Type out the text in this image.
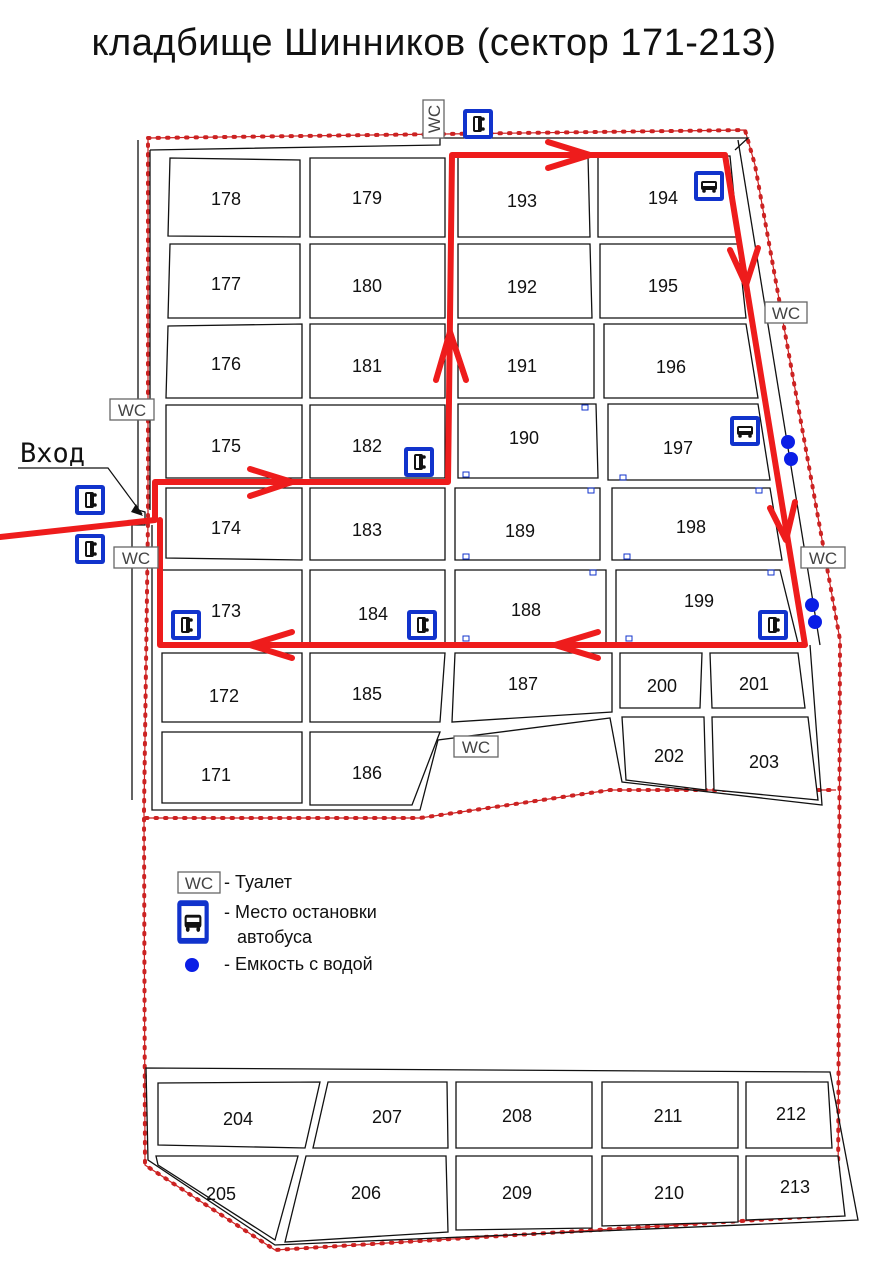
кладбище Шинников (сектор 171-213)
178	179	193	194
177	180	192	195
176	181	191	196
175	182	190	197
174	183	189	198
173	184	188	199
172	185	187	200	201
171	186
202	203
204	207	208	211	212
205	206	209	210	213
Вход
WC
WC
WC
WC	WC
WC
WC - Туалет
- Место остановки
автобуса
- Емкость с водой
